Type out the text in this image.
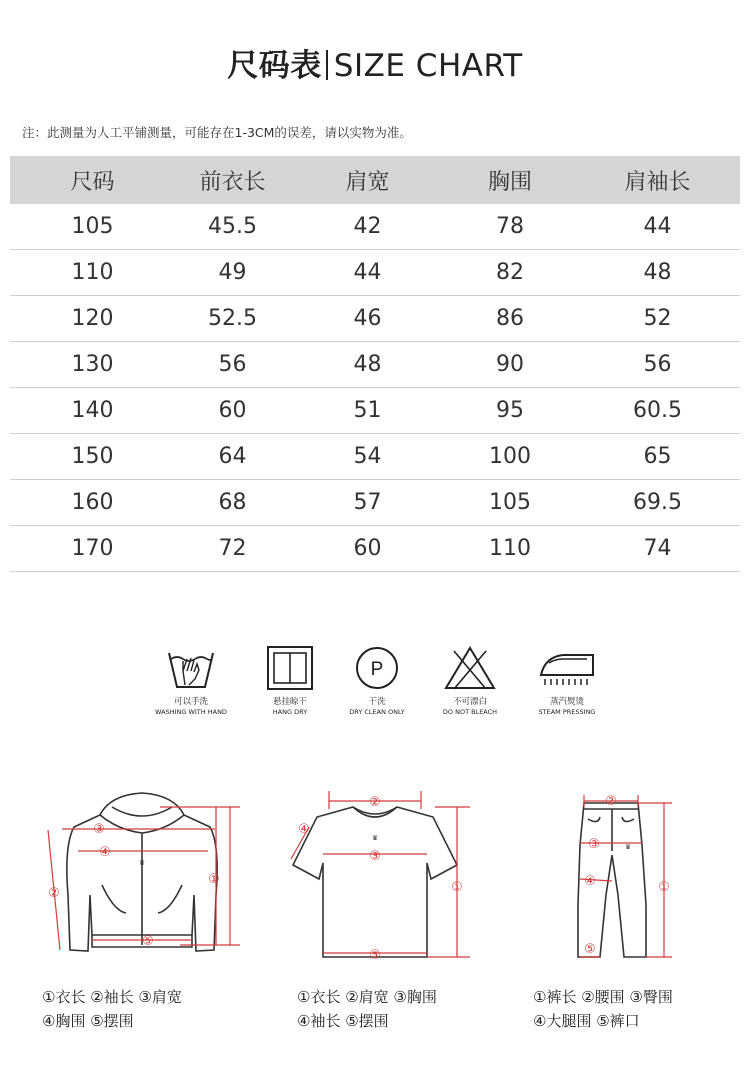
尺码表 SIZE CHART
注：此测量为人工平铺测量，可能存在1-3CM的误差，请以实物为准。
尺码	前衣长	肩宽	胸围	肩袖长
105	45.5	42	78	44
110	49	44	82	48
120	52.5	46	86	52
130	56	48	90	56
140	60	51	95	60.5
150	64	54	100	65
160	68	57	105	69.5
170	72	60	110	74
可以手洗
WASHING WITH HAND
悬挂晾干
HANG DRY
P
干洗
DRY CLEAN ONLY
不可漂白
DO NOT BLEACH
蒸汽熨烫
STEAM PRESSING
♛
③
④
②
⑤
①
♛
②
③
④
⑤
①
♛
②
③
④
⑤
①
①衣长 ②袖长 ③肩宽
④胸围 ⑤摆围
①衣长 ②肩宽 ③胸围
④袖长 ⑤摆围
①裤长 ②腰围 ③臀围
④大腿围 ⑤裤口
